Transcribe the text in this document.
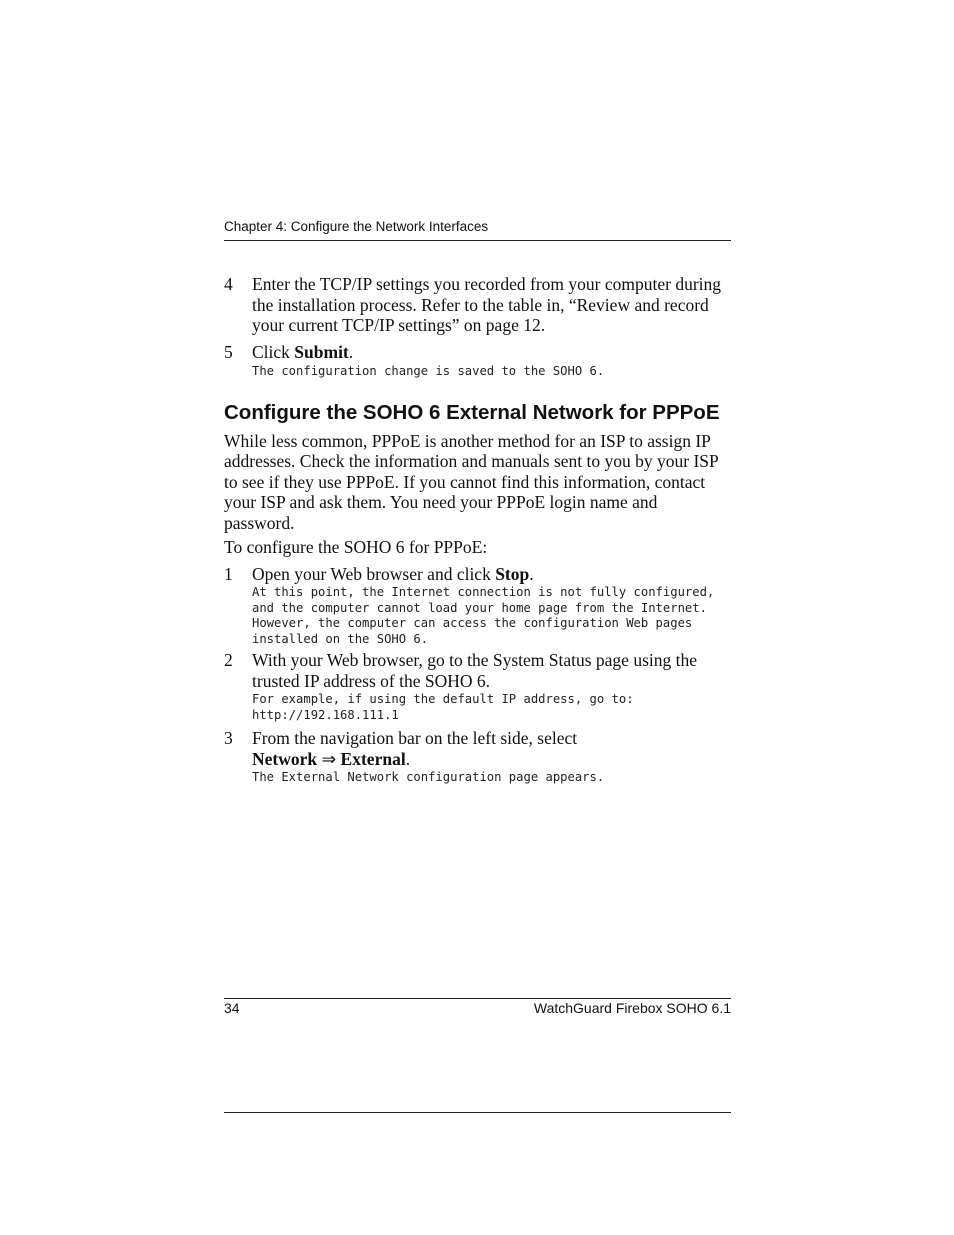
Chapter 4: Configure the Network Interfaces
4	Enter the TCP/IP settings you recorded from your computer during the installation process. Refer to the table in, “Review and record your current TCP/IP settings” on page 12.
5	Click Submit.
The configuration change is saved to the SOHO 6.
Configure the SOHO 6 External Network for PPPoE

While less common, PPPoE is another method for an ISP to assign IP addresses. Check the information and manuals sent to you by your ISP to see if they use PPPoE. If you cannot find this information, contact your ISP and ask them. You need your PPPoE login name and password.

To configure the SOHO 6 for PPPoE:

1	Open your Web browser and click Stop.
At this point, the Internet connection is not fully configured, and the computer cannot load your home page from the Internet. However, the computer can access the configuration Web pages installed on the SOHO 6.
2	With your Web browser, go to the System Status page using the trusted IP address of the SOHO 6.
For example, if using the default IP address, go to: http://192.168.111.1
3	From the navigation bar on the left side, select
Network ⇒ External.
The External Network configuration page appears.
34	WatchGuard Firebox SOHO 6.1
